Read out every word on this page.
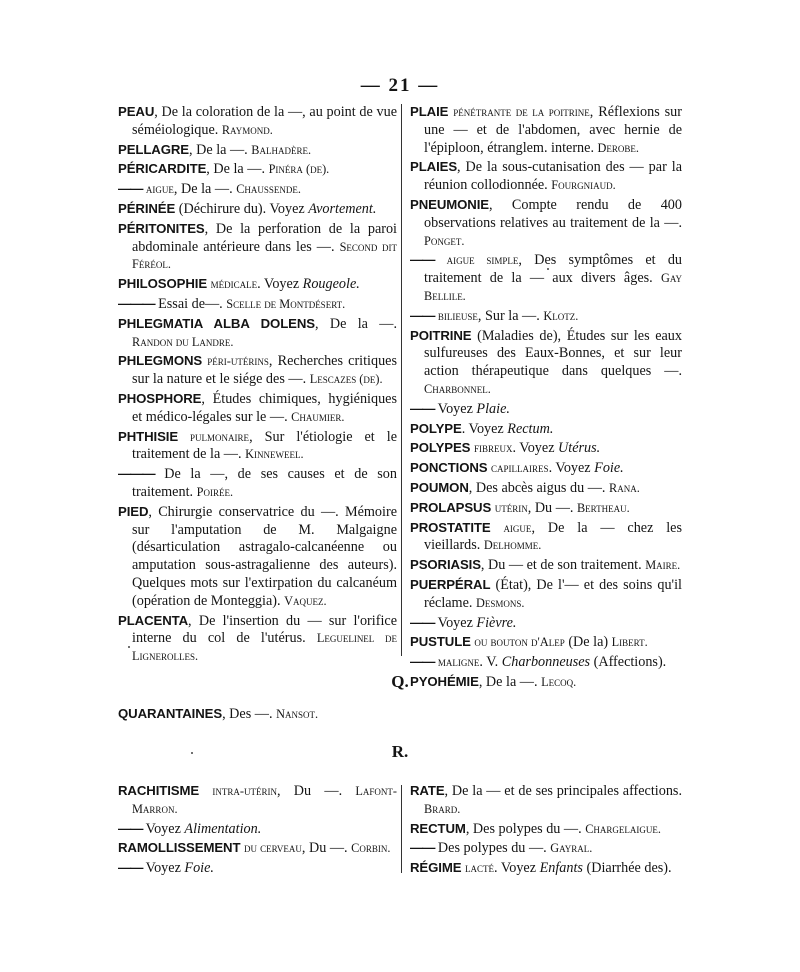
— 21 —
PEAU, De la coloration de la —, au point de vue séméiologique. Raymond.
PELLAGRE, De la —. Balhadère.
PÉRICARDITE, De la —. Pinéra (de).
—— aigue, De la —. Chaussende.
PÉRINÉE (Déchirure du). Voyez Avortement.
PÉRITONITES, De la perforation de la paroi abdominale antérieure dans les —. Second dit Féréol.
PHILOSOPHIE médicale. Voyez Rougeole.
——— Essai de—. Scelle de Montdésert.
PHLEGMATIA ALBA DOLENS, De la —. Randon du Landre.
PHLEGMONS péri-utérins, Recherches critiques sur la nature et le siége des —. Lescazes (de).
PHOSPHORE, Études chimiques, hygiéniques et médico-légales sur le —. Chaumier.
PHTHISIE pulmonaire, Sur l'étiologie et le traitement de la —. Kinneweel.
——— De la —, de ses causes et de son traitement. Poirée.
PIED, Chirurgie conservatrice du —. Mémoire sur l'amputation de M. Malgaigne (désarticulation astragalo-calcanéenne ou amputation sous-astragalienne des auteurs). Quelques mots sur l'extirpation du calcanéum (opération de Monteggia). Vaquez.
PLACENTA, De l'insertion du — sur l'orifice interne du col de l'utérus. Leguelinel de Lignerolles.
PLAIE pénétrante de la poitrine, Réflexions sur une — et de l'abdomen, avec hernie de l'épiploon, étranglem. interne. Derobe.
PLAIES, De la sous-cutanisation des — par la réunion collodionnée. Fourgniaud.
PNEUMONIE, Compte rendu de 400 observations relatives au traitement de la —. Ponget.
—— aigue simple, Des symptômes et du traitement de la — aux divers âges. Gay Bellile.
—— bilieuse, Sur la —. Klotz.
POITRINE (Maladies de), Études sur les eaux sulfureuses des Eaux-Bonnes, et sur leur action thérapeutique dans quelques —. Charbonnel.
—— Voyez Plaie.
POLYPE. Voyez Rectum.
POLYPES fibreux. Voyez Utérus.
PONCTIONS capillaires. Voyez Foie.
POUMON, Des abcès aigus du —. Rana.
PROLAPSUS utérin, Du —. Bertheau.
PROSTATITE aigue, De la — chez les vieillards. Delhomme.
PSORIASIS, Du — et de son traitement. Maire.
PUERPÉRAL (État), De l'— et des soins qu'il réclame. Desmons.
—— Voyez Fièvre.
PUSTULE ou bouton d'Alep (De la) Libert.
—— maligne. V. Charbonneuses (Affections).
PYOHÉMIE, De la —. Lecoq.
Q.
QUARANTAINES, Des —. Nansot.
R.
RACHITISME intra-utérin, Du —. Lafont-Marron.
—— Voyez Alimentation.
RAMOLLISSEMENT du cerveau, Du —. Corbin.
—— Voyez Foie.
RATE, De la — et de ses principales affections. Brard.
RECTUM, Des polypes du —. Chargelaigue.
—— Des polypes du —. Gayral.
RÉGIME lacté. Voyez Enfants (Diarrhée des).
